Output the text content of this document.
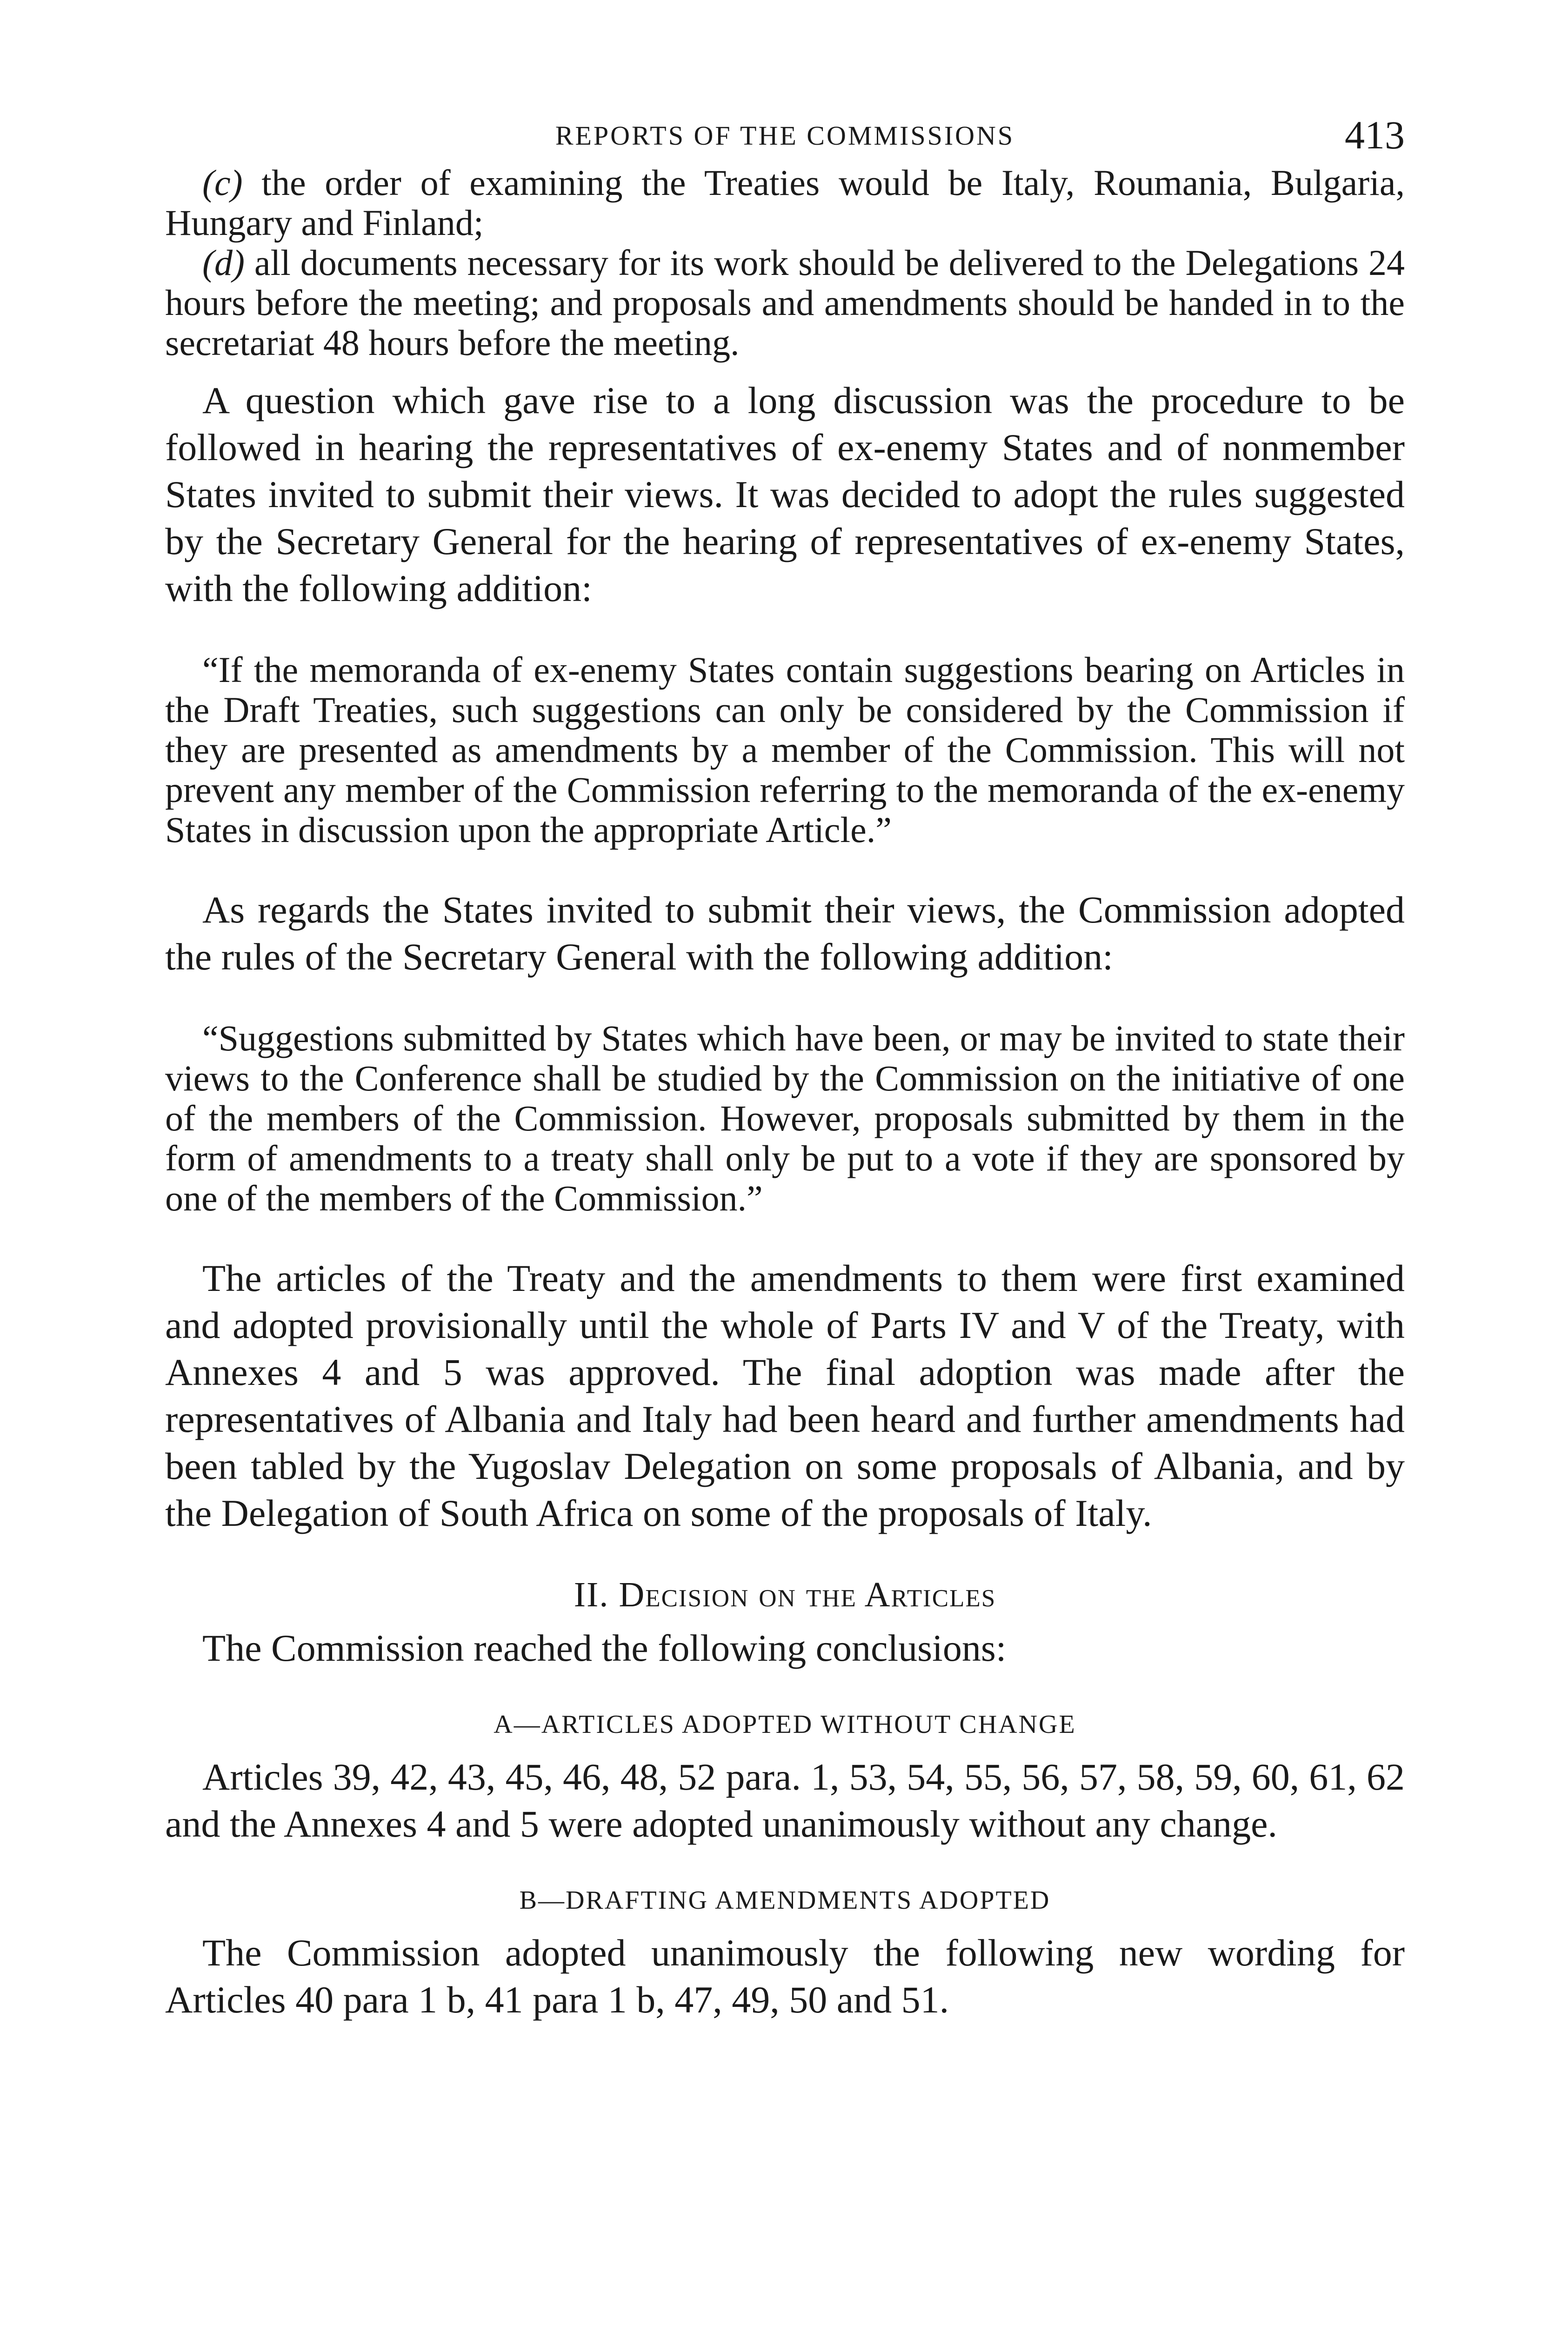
REPORTS OF THE COMMISSIONS	413
(c) the order of examining the Treaties would be Italy, Roumania, Bulgaria, Hungary and Finland;
(d) all documents necessary for its work should be delivered to the Delegations 24 hours before the meeting; and proposals and amendments should be handed in to the secretariat 48 hours before the meeting.

A question which gave rise to a long discussion was the procedure to be followed in hearing the representatives of ex-enemy States and of nonmember States invited to submit their views. It was decided to adopt the rules suggested by the Secretary General for the hearing of representatives of ex-enemy States, with the following addition:

“If the memoranda of ex-enemy States contain suggestions bearing on Articles in the Draft Treaties, such suggestions can only be considered by the Commission if they are presented as amendments by a member of the Commission. This will not prevent any member of the Commission referring to the memoranda of the ex-enemy States in discussion upon the appropriate Article.”

As regards the States invited to submit their views, the Commission adopted the rules of the Secretary General with the following addition:

“Suggestions submitted by States which have been, or may be invited to state their views to the Conference shall be studied by the Commission on the initiative of one of the members of the Commission. However, proposals submitted by them in the form of amendments to a treaty shall only be put to a vote if they are sponsored by one of the members of the Commission.”

The articles of the Treaty and the amendments to them were first examined and adopted provisionally until the whole of Parts IV and V of the Treaty, with Annexes 4 and 5 was approved. The final adoption was made after the representatives of Albania and Italy had been heard and further amendments had been tabled by the Yugoslav Delegation on some proposals of Albania, and by the Delegation of South Africa on some of the proposals of Italy.

II. Decision on the Articles

The Commission reached the following conclusions:

A—ARTICLES ADOPTED WITHOUT CHANGE

Articles 39, 42, 43, 45, 46, 48, 52 para. 1, 53, 54, 55, 56, 57, 58, 59, 60, 61, 62 and the Annexes 4 and 5 were adopted unanimously without any change.

B—DRAFTING AMENDMENTS ADOPTED

The Commission adopted unanimously the following new wording for Articles 40 para 1 b, 41 para 1 b, 47, 49, 50 and 51.
